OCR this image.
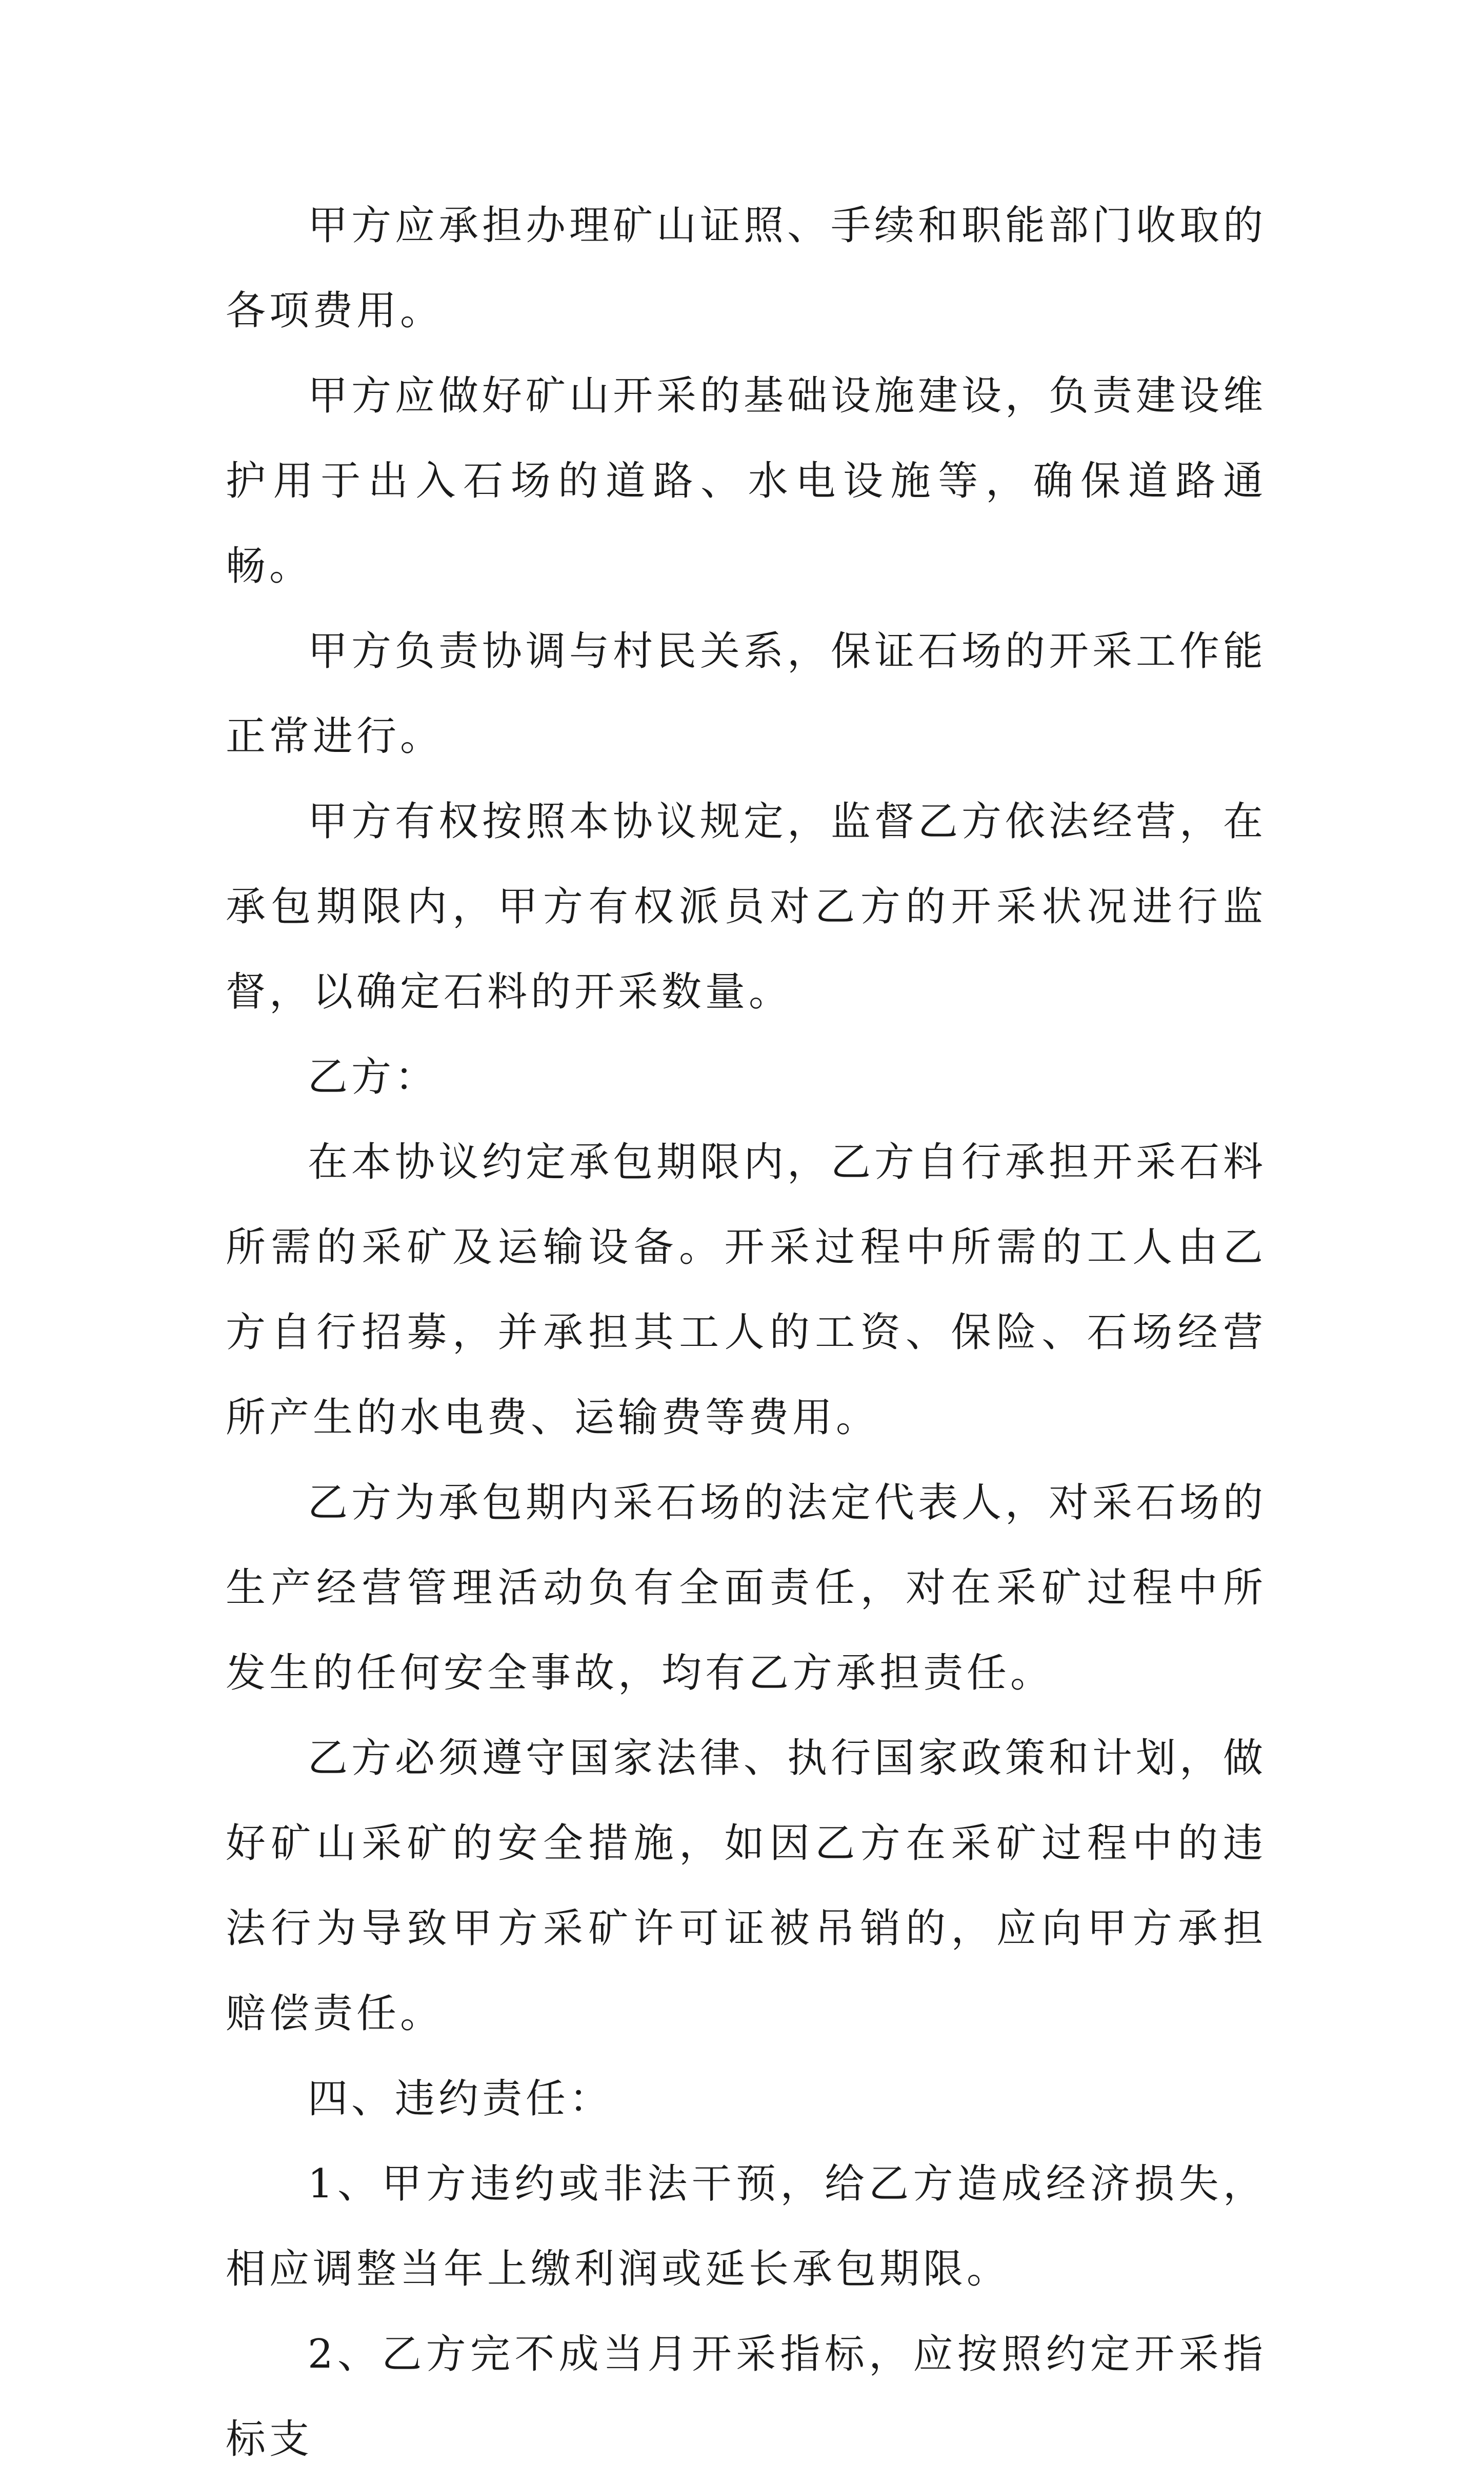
甲方应承担办理矿山证照、手续和职能部门收取的各项费用。

甲方应做好矿山开采的基础设施建设，负责建设维护用于出入石场的道路、水电设施等，确保道路通畅。

甲方负责协调与村民关系，保证石场的开采工作能正常进行。

甲方有权按照本协议规定，监督乙方依法经营，在承包期限内，甲方有权派员对乙方的开采状况进行监督，以确定石料的开采数量。

乙方：

在本协议约定承包期限内，乙方自行承担开采石料所需的采矿及运输设备。开采过程中所需的工人由乙方自行招募，并承担其工人的工资、保险、石场经营所产生的水电费、运输费等费用。

乙方为承包期内采石场的法定代表人，对采石场的生产经营管理活动负有全面责任，对在采矿过程中所发生的任何安全事故，均有乙方承担责任。

乙方必须遵守国家法律、执行国家政策和计划，做好矿山采矿的安全措施，如因乙方在采矿过程中的违法行为导致甲方采矿许可证被吊销的，应向甲方承担赔偿责任。

四、违约责任：

1、甲方违约或非法干预，给乙方造成经济损失，相应调整当年上缴利润或延长承包期限。

2、乙方完不成当月开采指标，应按照约定开采指标支
